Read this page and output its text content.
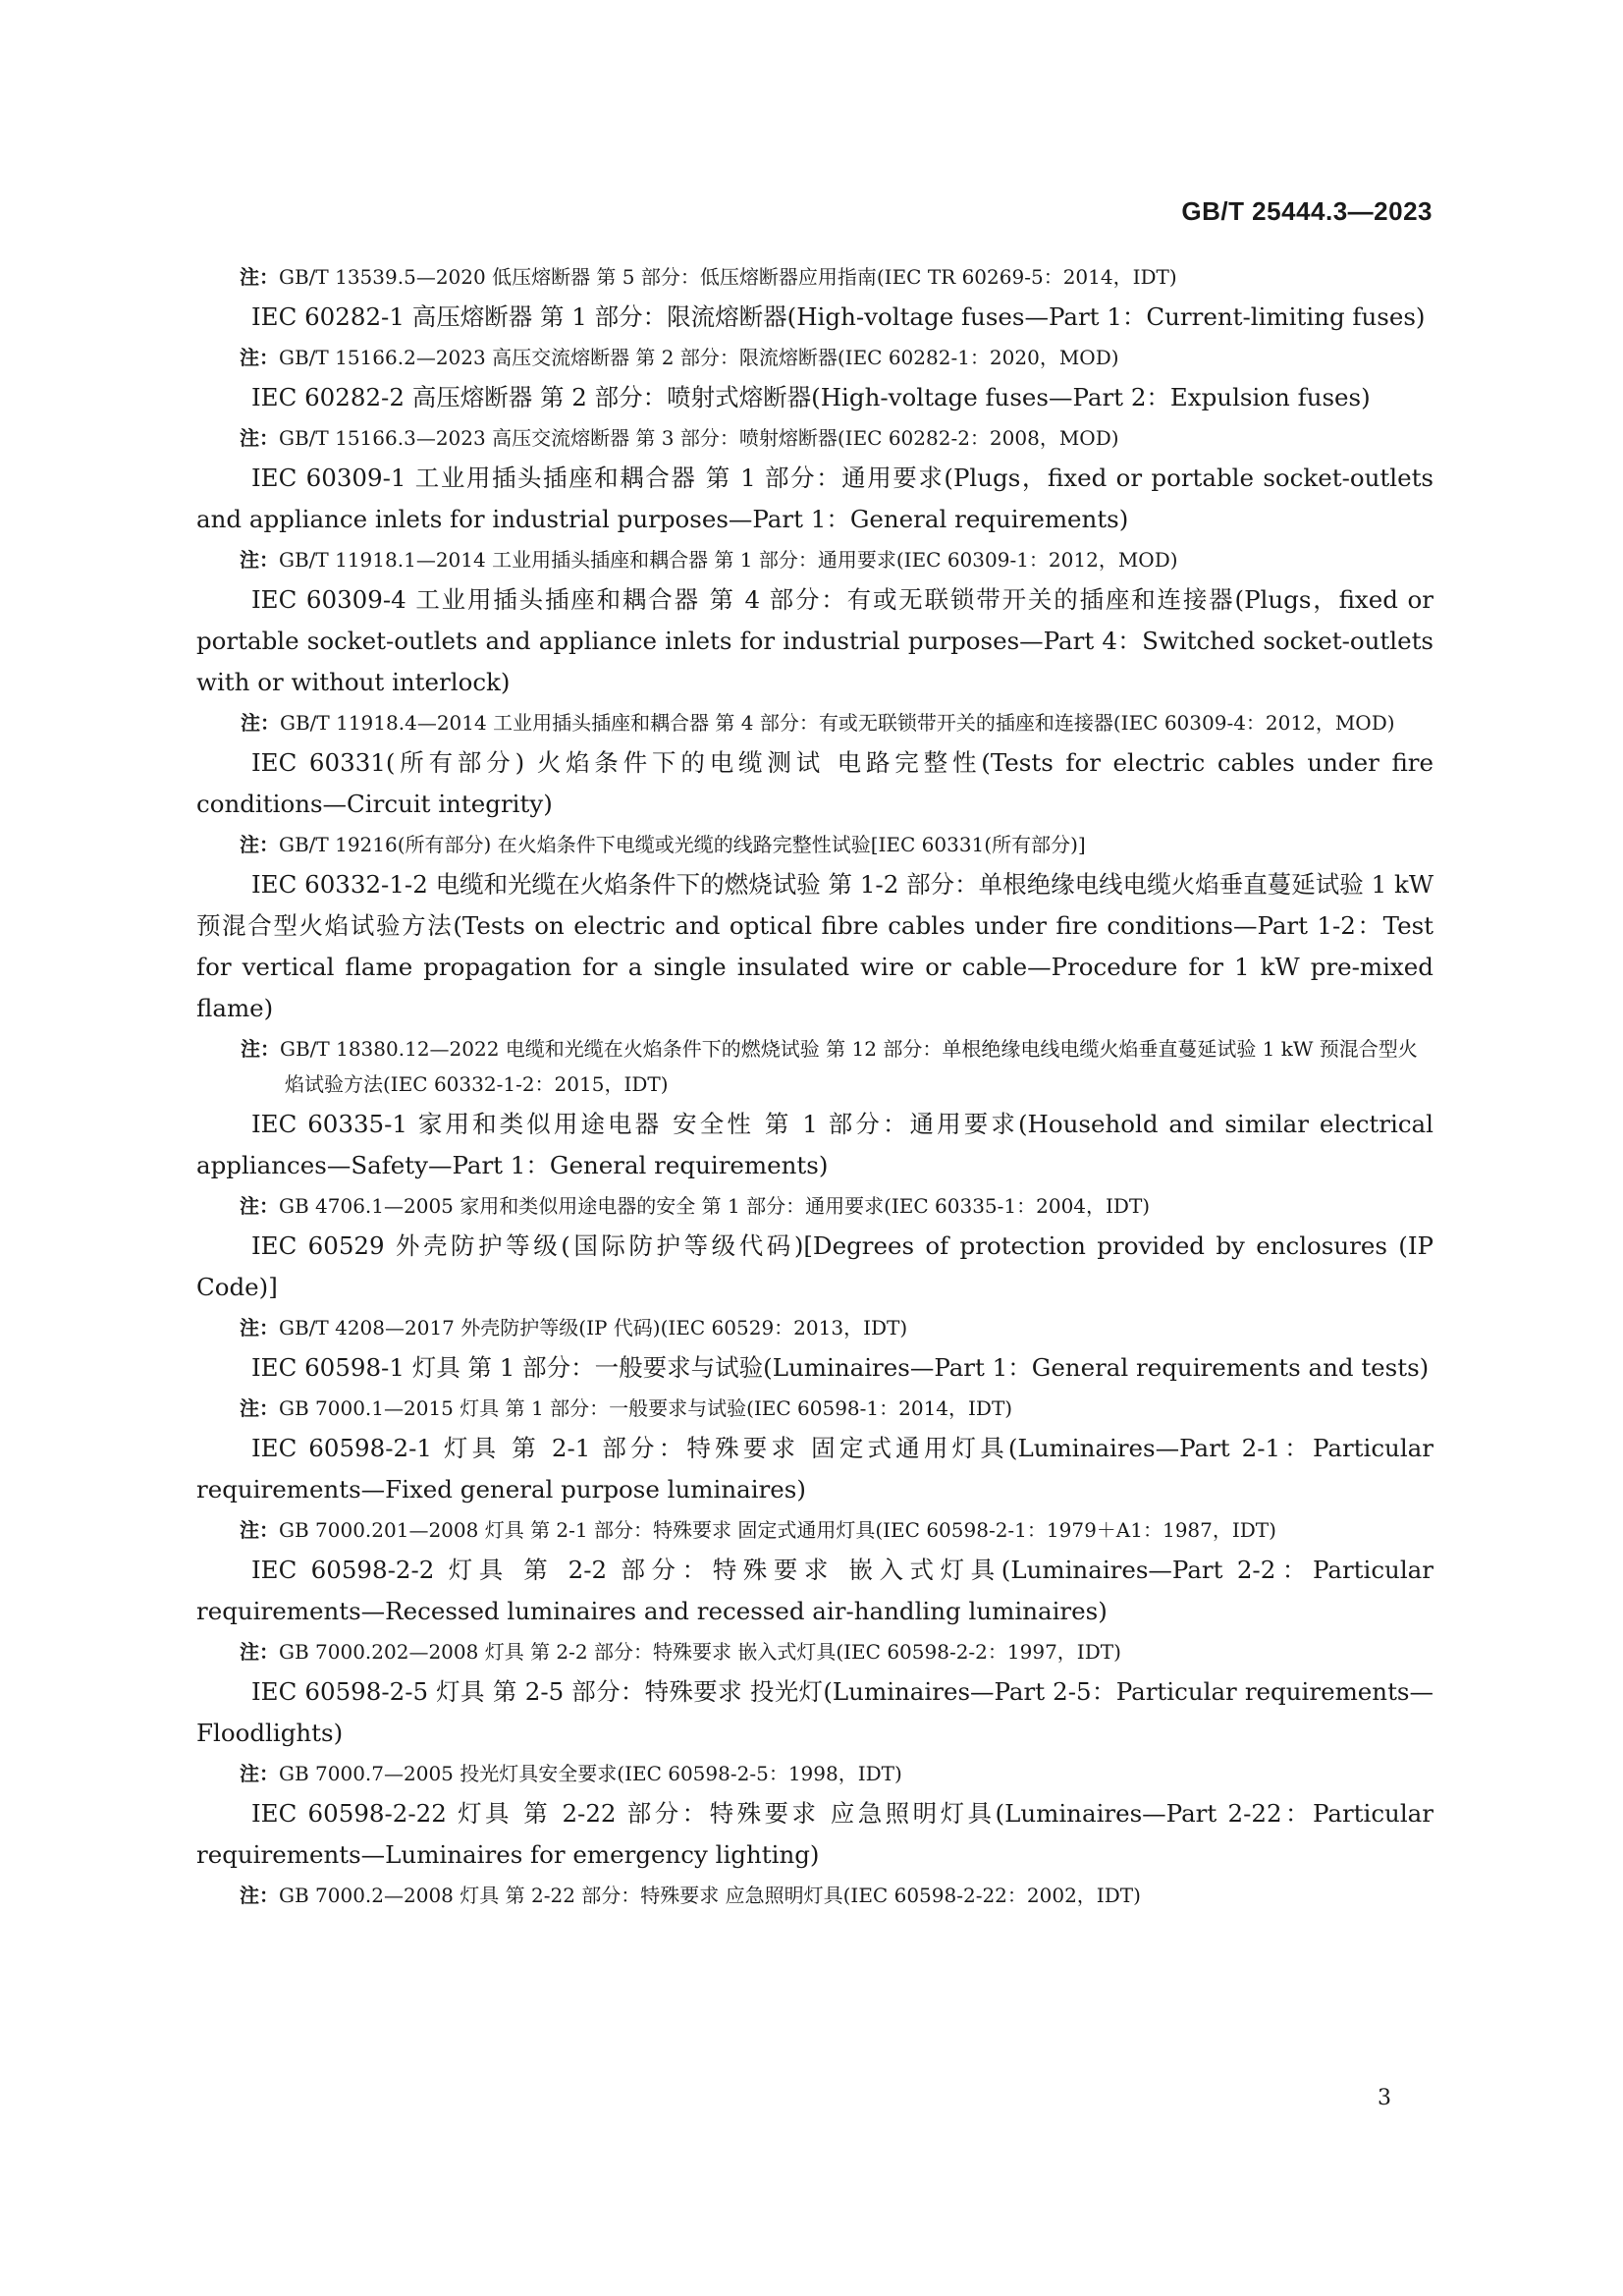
GB/T 25444.3—2023

注：GB/T 13539.5—2020 低压熔断器 第 5 部分：低压熔断器应用指南(IEC TR 60269-5：2014，IDT)

IEC 60282-1 高压熔断器 第 1 部分：限流熔断器(High-voltage fuses—Part 1：Current-limiting fuses)

注：GB/T 15166.2—2023 高压交流熔断器 第 2 部分：限流熔断器(IEC 60282-1：2020，MOD)

IEC 60282-2 高压熔断器 第 2 部分：喷射式熔断器(High-voltage fuses—Part 2：Expulsion fuses)

注：GB/T 15166.3—2023 高压交流熔断器 第 3 部分：喷射熔断器(IEC 60282-2：2008，MOD)

IEC 60309-1 工业用插头插座和耦合器 第 1 部分：通用要求(Plugs，fixed or portable socket-outlets and appliance inlets for industrial purposes—Part 1：General requirements)

注：GB/T 11918.1—2014 工业用插头插座和耦合器 第 1 部分：通用要求(IEC 60309-1：2012，MOD)

IEC 60309-4 工业用插头插座和耦合器 第 4 部分：有或无联锁带开关的插座和连接器(Plugs，fixed or portable socket-outlets and appliance inlets for industrial purposes—Part 4：Switched socket-outlets with or without interlock)

注：GB/T 11918.4—2014 工业用插头插座和耦合器 第 4 部分：有或无联锁带开关的插座和连接器(IEC 60309-4：2012，MOD)

IEC 60331(所有部分) 火焰条件下的电缆测试 电路完整性(Tests for electric cables under fire conditions—Circuit integrity)

注：GB/T 19216(所有部分) 在火焰条件下电缆或光缆的线路完整性试验[IEC 60331(所有部分)]

IEC 60332-1-2 电缆和光缆在火焰条件下的燃烧试验 第 1-2 部分：单根绝缘电线电缆火焰垂直蔓延试验 1 kW 预混合型火焰试验方法(Tests on electric and optical fibre cables under fire conditions—Part 1-2：Test for vertical flame propagation for a single insulated wire or cable—Procedure for 1 kW pre-mixed flame)

注：GB/T 18380.12—2022 电缆和光缆在火焰条件下的燃烧试验 第 12 部分：单根绝缘电线电缆火焰垂直蔓延试验 1 kW 预混合型火焰试验方法(IEC 60332-1-2：2015，IDT)

IEC 60335-1 家用和类似用途电器 安全性 第 1 部分：通用要求(Household and similar electrical appliances—Safety—Part 1：General requirements)

注：GB 4706.1—2005 家用和类似用途电器的安全 第 1 部分：通用要求(IEC 60335-1：2004，IDT)

IEC 60529 外壳防护等级(国际防护等级代码)[Degrees of protection provided by enclosures (IP Code)]

注：GB/T 4208—2017 外壳防护等级(IP 代码)(IEC 60529：2013，IDT)

IEC 60598-1 灯具 第 1 部分：一般要求与试验(Luminaires—Part 1：General requirements and tests)

注：GB 7000.1—2015 灯具 第 1 部分：一般要求与试验(IEC 60598-1：2014，IDT)

IEC 60598-2-1 灯具 第 2-1 部分：特殊要求 固定式通用灯具(Luminaires—Part 2-1：Particular requirements—Fixed general purpose luminaires)

注：GB 7000.201—2008 灯具 第 2-1 部分：特殊要求 固定式通用灯具(IEC 60598-2-1：1979＋A1：1987，IDT)

IEC 60598-2-2 灯具 第 2-2 部分：特殊要求 嵌入式灯具(Luminaires—Part 2-2：Particular requirements—Recessed luminaires and recessed air-handling luminaires)

注：GB 7000.202—2008 灯具 第 2-2 部分：特殊要求 嵌入式灯具(IEC 60598-2-2：1997，IDT)

IEC 60598-2-5 灯具 第 2-5 部分：特殊要求 投光灯(Luminaires—Part 2-5：Particular requirements—Floodlights)

注：GB 7000.7—2005 投光灯具安全要求(IEC 60598-2-5：1998，IDT)

IEC 60598-2-22 灯具 第 2-22 部分：特殊要求 应急照明灯具(Luminaires—Part 2-22：Particular requirements—Luminaires for emergency lighting)

注：GB 7000.2—2008 灯具 第 2-22 部分：特殊要求 应急照明灯具(IEC 60598-2-22：2002，IDT)

3
